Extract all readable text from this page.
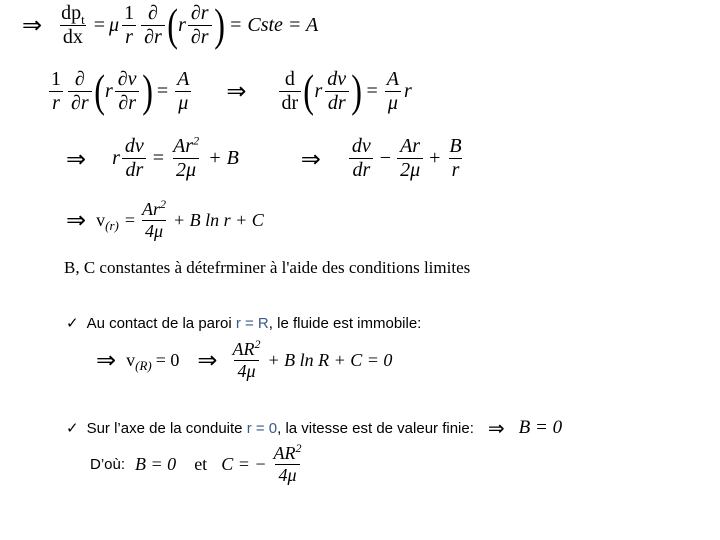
⇒ $\frac{dp_t}{dx} = \mu \frac{1}{r} \frac{\partial}{\partial r}$ ( r $\frac{\partial r}{\partial r}$ ) = Cste = A
$\frac{1}{r} \frac{\partial}{\partial r}$ ( r $\frac{\partial v}{\partial r}$ ) = $\frac{A}{\mu}$ ⇒ $\frac{d}{dr}$ ( r $\frac{dv}{dr}$ ) = $\frac{A}{\mu}$ r
⇒ r $\frac{dv}{dr} = \frac{Ar^2}{2\mu} + B$	⇒ $\frac{dv}{dr} - \frac{Ar}{2\mu} + \frac{B}{r}$
⇒ $v_{(r)} = \frac{Ar^2}{4\mu} + B$ ln r + C
B, C constantes à détefrminer à l'aide des conditions limites
✓ Au contact de la paroi r = R , le fluide est immobile:
⇒ $v_{(R)} = 0$ ⇒ $\frac{AR^2}{4\mu} + B$ ln R + C = 0
✓ Sur l’axe de la conduite r = 0 , la vitesse est de valeur finie: ⇒ B = 0
D’où: B = 0 et C = − $\frac{AR^2}{4\mu}$
